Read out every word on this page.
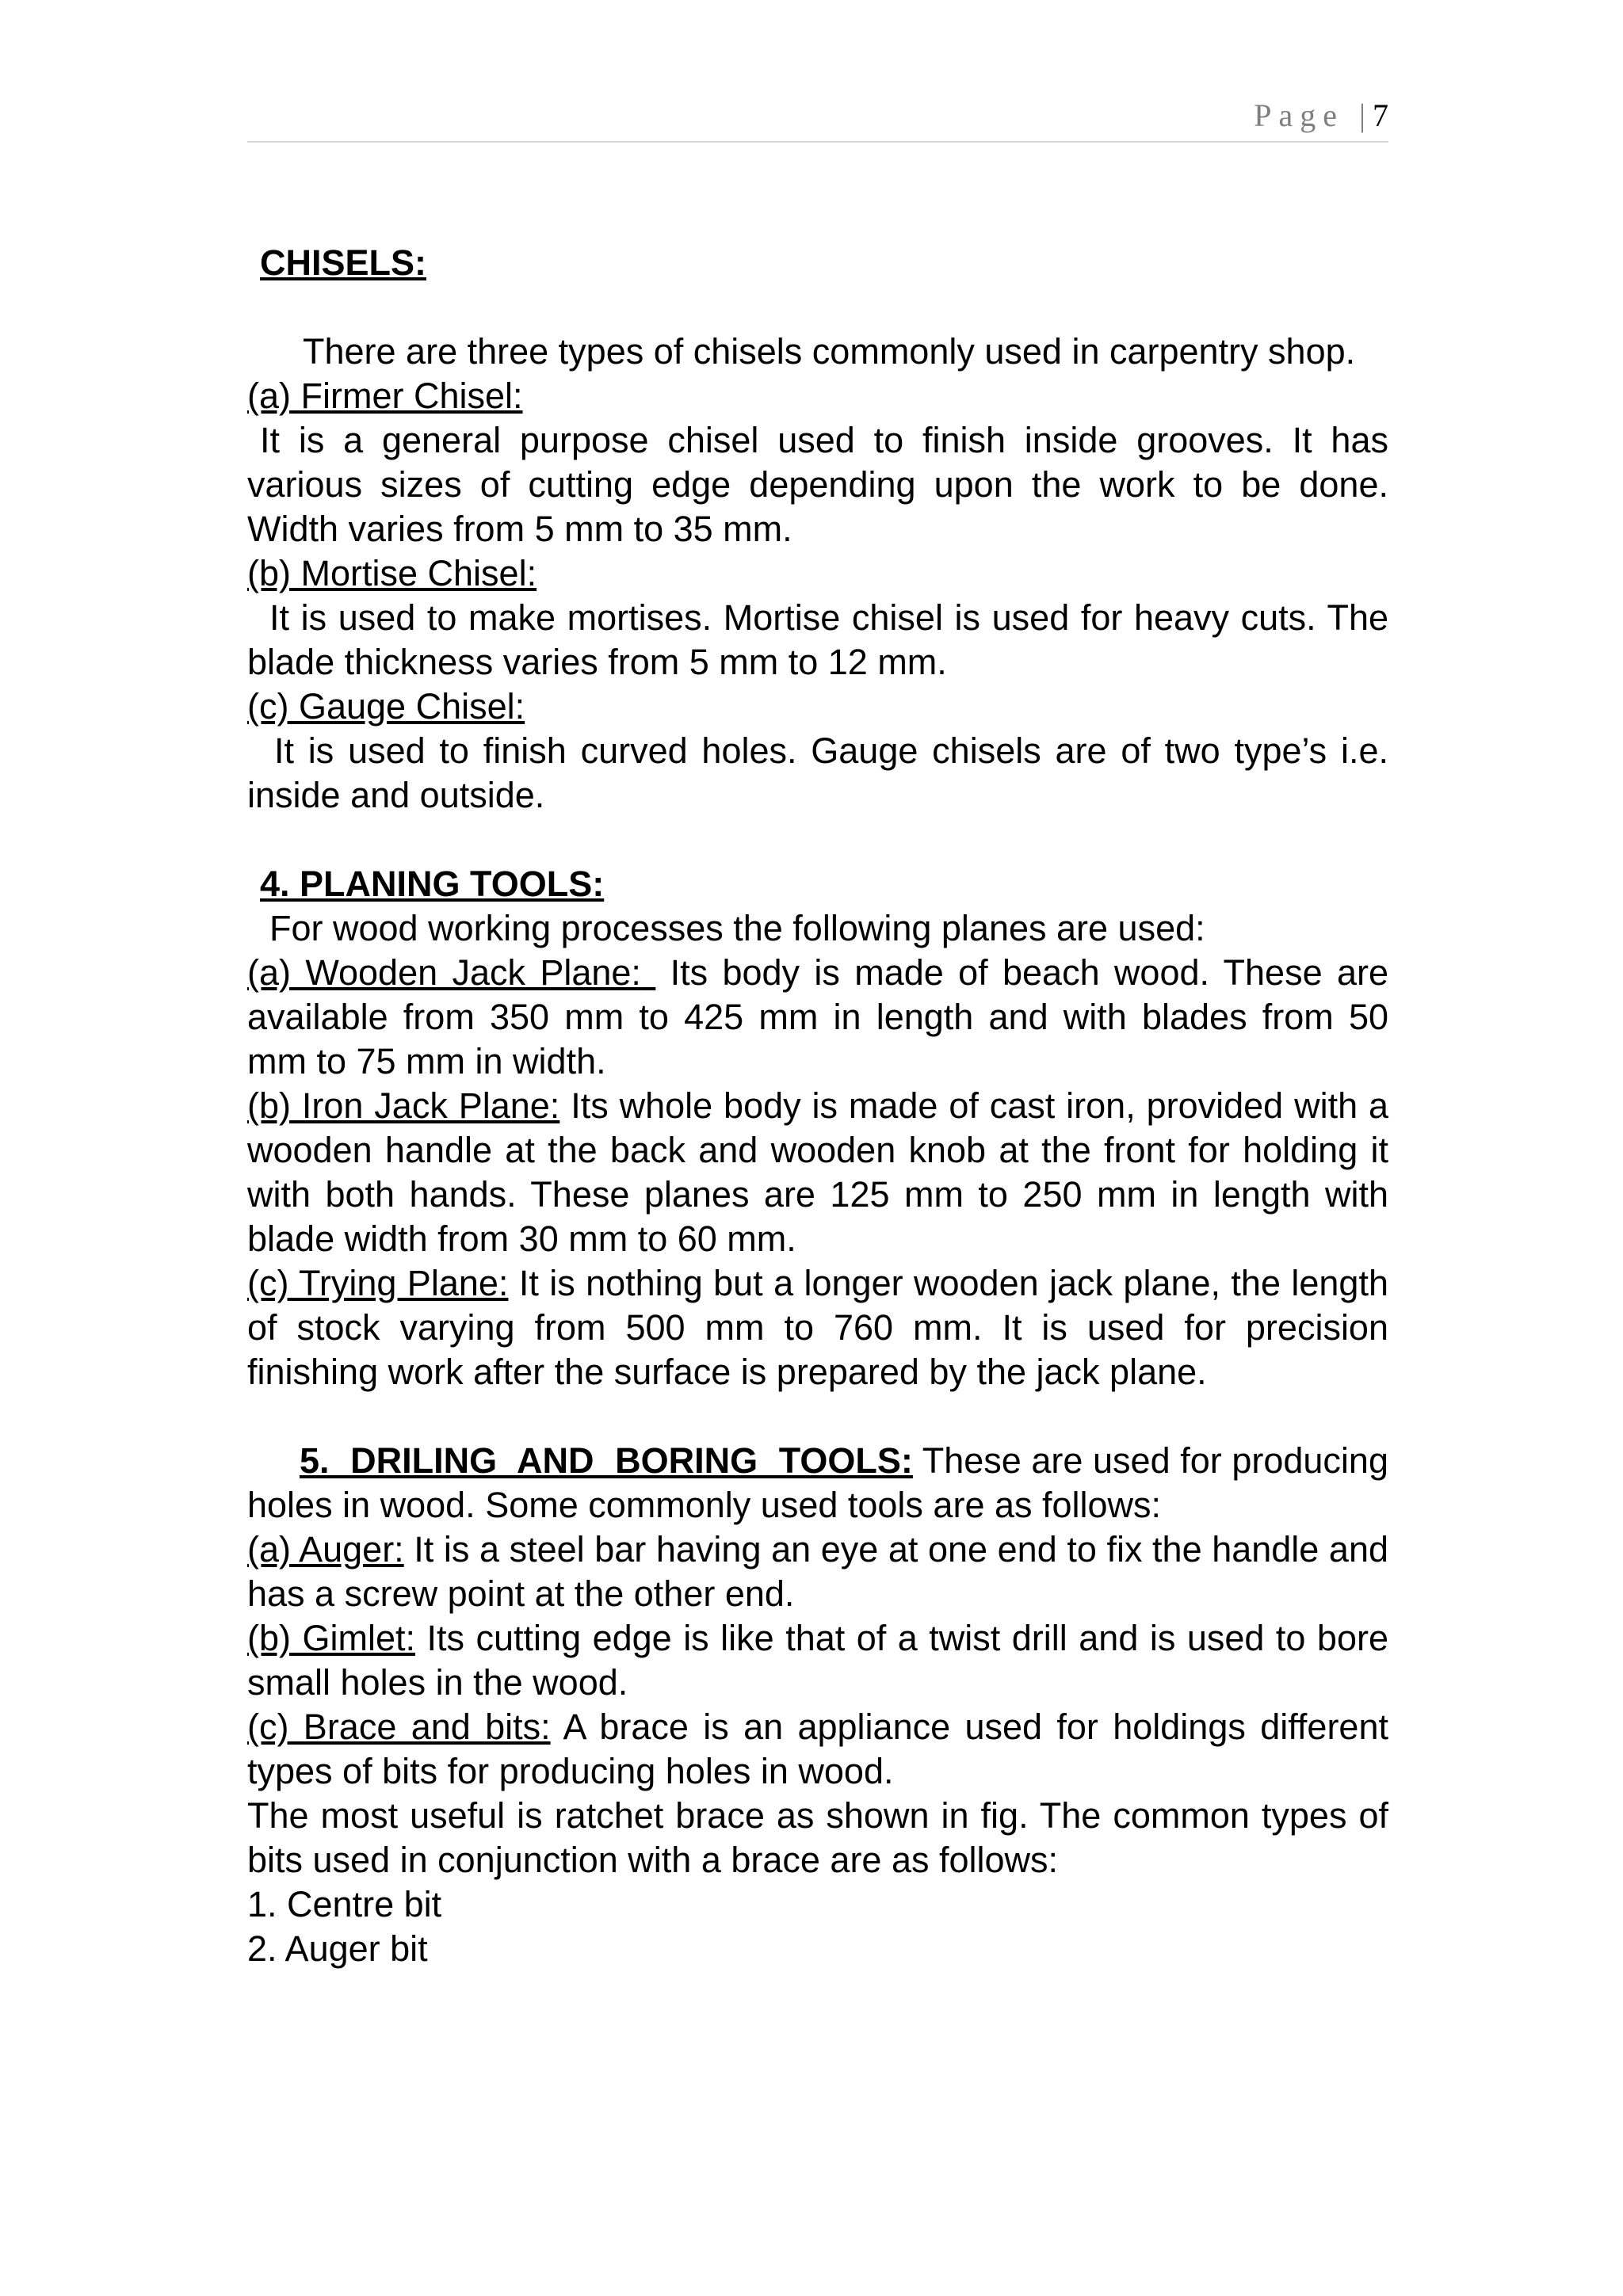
Page |7

CHISELS:

There are three types of chisels commonly used in carpentry shop.

(a) Firmer Chisel:

It is a general purpose chisel used to finish inside grooves. It has various sizes of cutting edge depending upon the work to be done. Width varies from 5 mm to 35 mm.

(b) Mortise Chisel:

It is used to make mortises. Mortise chisel is used for heavy cuts. The blade thickness varies from 5 mm to 12 mm.

(c) Gauge Chisel:

It is used to finish curved holes. Gauge chisels are of two type’s i.e. inside and outside.

4. PLANING TOOLS:

For wood working processes the following planes are used:

(a) Wooden Jack Plane: Its body is made of beach wood. These are available from 350 mm to 425 mm in length and with blades from 50 mm to 75 mm in width.

(b) Iron Jack Plane: Its whole body is made of cast iron, provided with a wooden handle at the back and wooden knob at the front for holding it with both hands. These planes are 125 mm to 250 mm in length with blade width from 30 mm to 60 mm.

(c) Trying Plane: It is nothing but a longer wooden jack plane, the length of stock varying from 500 mm to 760 mm. It is used for precision finishing work after the surface is prepared by the jack plane.

5. DRILING AND BORING TOOLS: These are used for producing holes in wood. Some commonly used tools are as follows:

(a) Auger: It is a steel bar having an eye at one end to fix the handle and has a screw point at the other end.

(b) Gimlet: Its cutting edge is like that of a twist drill and is used to bore small holes in the wood.

(c) Brace and bits: A brace is an appliance used for holdings different types of bits for producing holes in wood.

The most useful is ratchet brace as shown in fig. The common types of bits used in conjunction with a brace are as follows:

1. Centre bit

2. Auger bit
